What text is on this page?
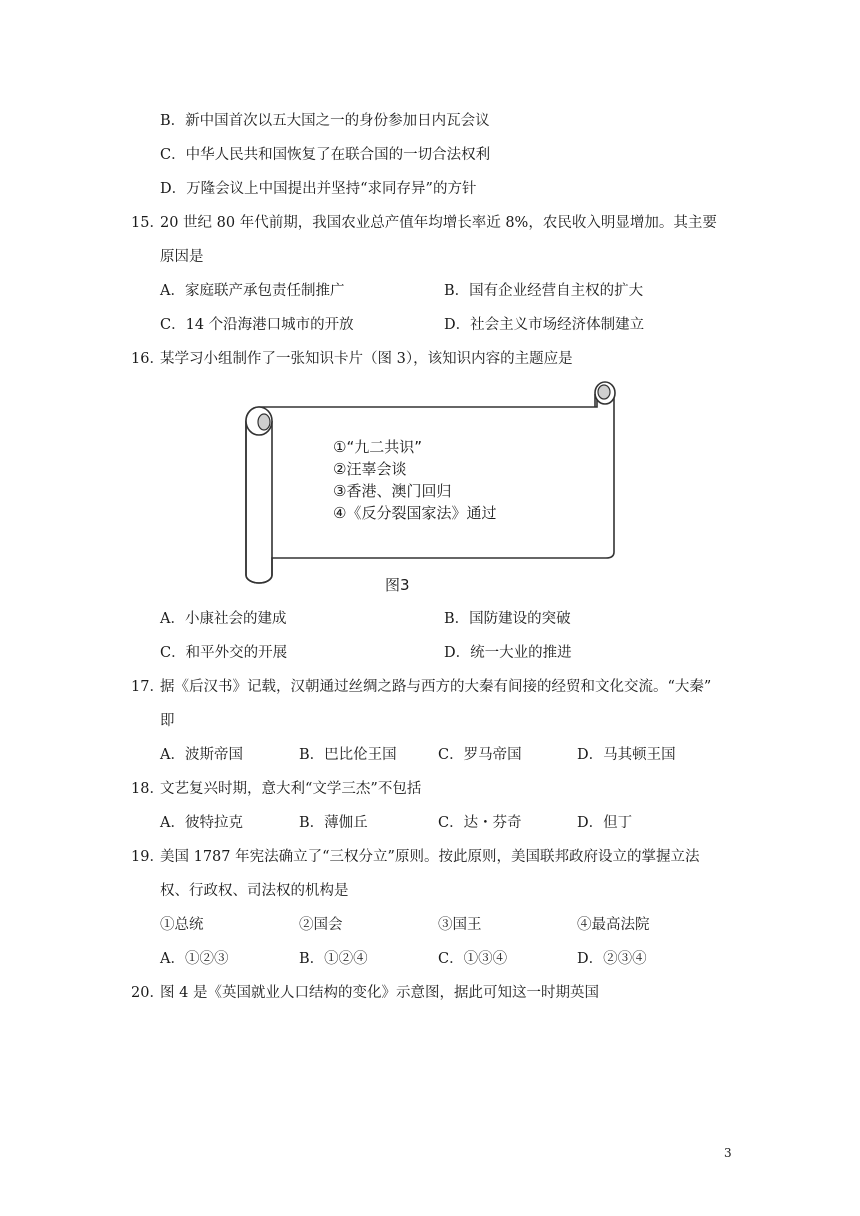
B．新中国首次以五大国之一的身份参加日内瓦会议
C．中华人民共和国恢复了在联合国的一切合法权利
D．万隆会议上中国提出并坚持“求同存异”的方针
15．
20 世纪 80 年代前期，我国农业总产值年均增长率近 8%，农民收入明显增加。其主要
原因是
A．家庭联产承包责任制推广	B．国有企业经营自主权的扩大
C．14 个沿海港口城市的开放	D．社会主义市场经济体制建立
16．
某学习小组制作了一张知识卡片（图 3），该知识内容的主题应是
①“九二共识”
②汪辜会谈
③香港、澳门回归
④《反分裂国家法》通过
图3
A．小康社会的建成	B．国防建设的突破
C．和平外交的开展	D．统一大业的推进
17．
据《后汉书》记载，汉朝通过丝绸之路与西方的大秦有间接的经贸和文化交流。“大秦”
即
A．波斯帝国	B．巴比伦王国	C．罗马帝国	D．马其顿王国
18．
文艺复兴时期，意大利“文学三杰”不包括
A．彼特拉克	B．薄伽丘	C．达・芬奇	D．但丁
19．
美国 1787 年宪法确立了“三权分立”原则。按此原则，美国联邦政府设立的掌握立法
权、行政权、司法权的机构是
①总统	②国会	③国王	④最高法院
A．①②③	B．①②④	C．①③④	D．②③④
20．
图 4 是《英国就业人口结构的变化》示意图，据此可知这一时期英国
3
